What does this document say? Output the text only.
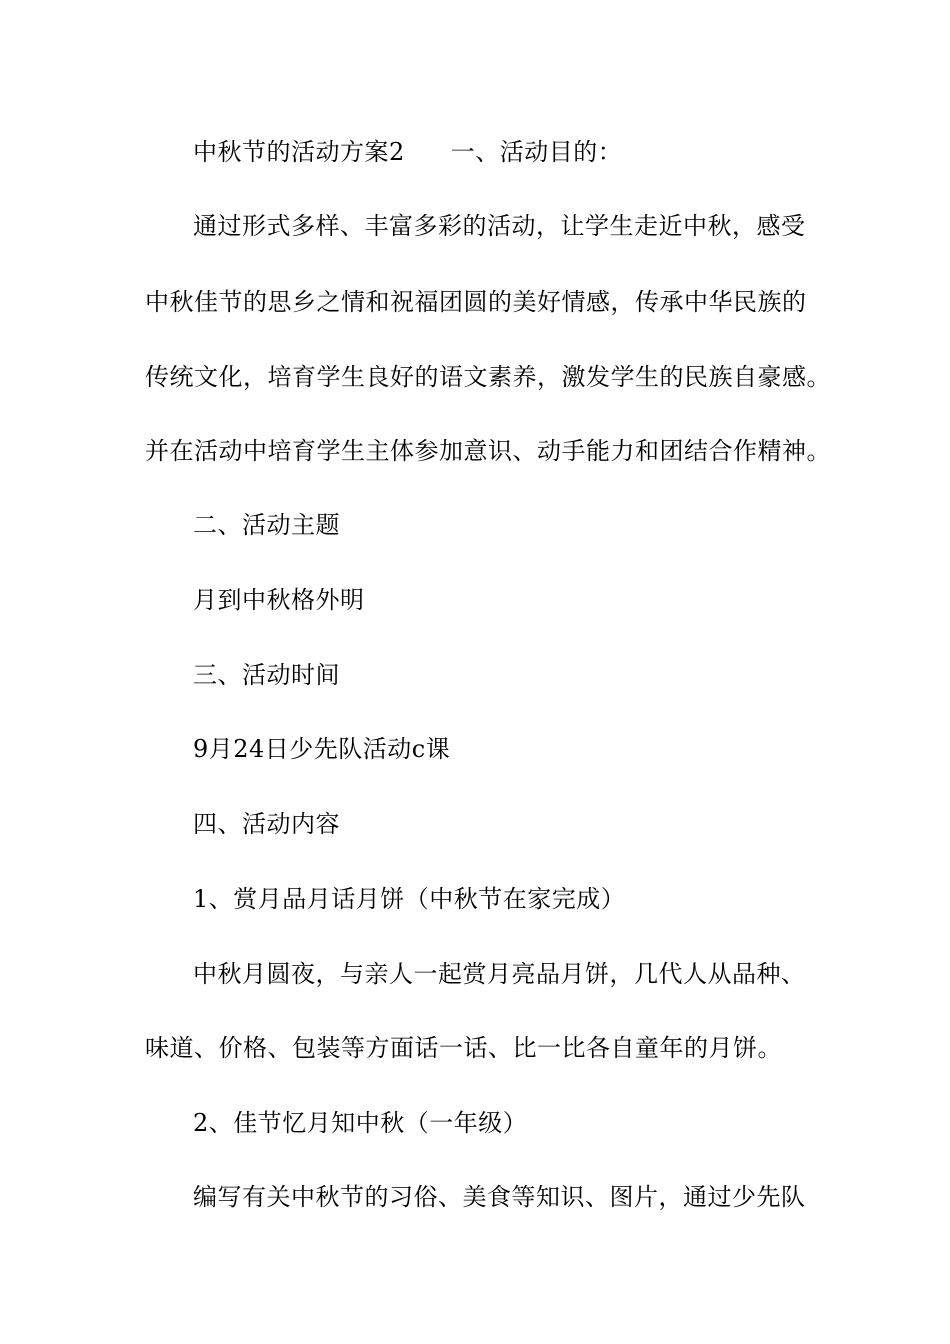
中秋节的活动方案2 一、活动目的：
通过形式多样、丰富多彩的活动，让学生走近中秋，感受
中秋佳节的思乡之情和祝福团圆的美好情感，传承中华民族的
传统文化，培育学生良好的语文素养，激发学生的民族自豪感。
并在活动中培育学生主体参加意识、动手能力和团结合作精神。
二、活动主题
月到中秋格外明
三、活动时间
9月24日少先队活动c课
四、活动内容
1、赏月品月话月饼（中秋节在家完成）
中秋月圆夜，与亲人一起赏月亮品月饼，几代人从品种、
味道、价格、包装等方面话一话、比一比各自童年的月饼。
2、佳节忆月知中秋（一年级）
编写有关中秋节的习俗、美食等知识、图片，通过少先队
